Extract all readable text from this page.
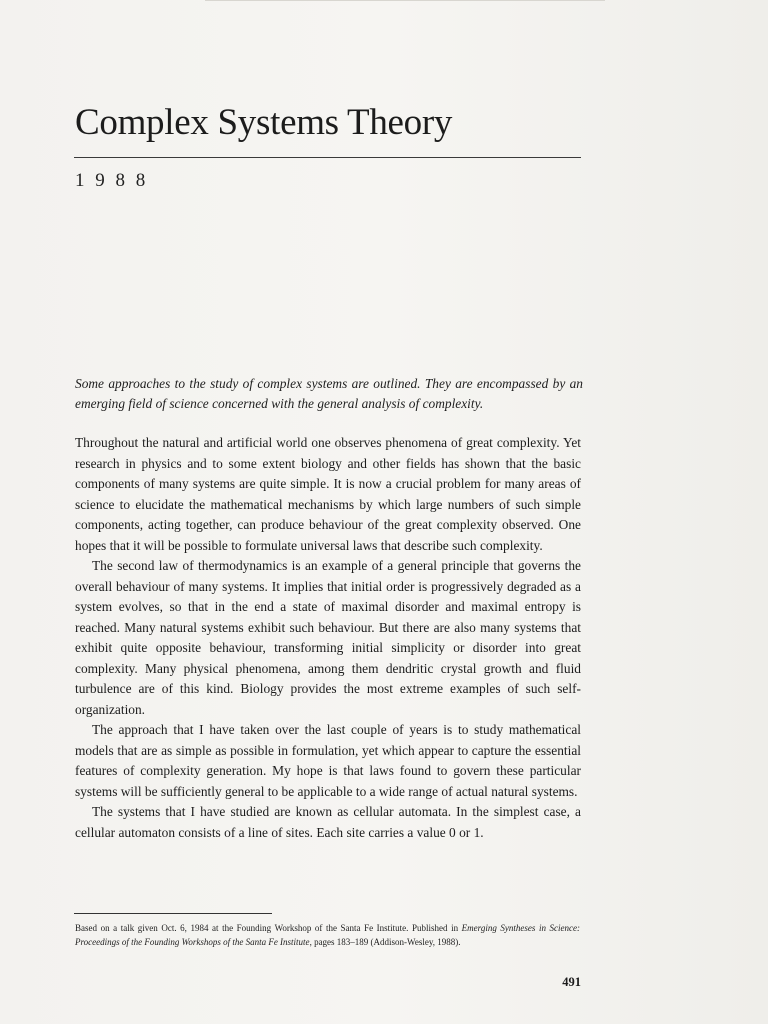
Complex Systems Theory
1 9 8 8

Some approaches to the study of complex systems are outlined. They are encompassed by an emerging field of science concerned with the general analysis of complexity.

Throughout the natural and artificial world one observes phenomena of great complexity. Yet research in physics and to some extent biology and other fields has shown that the basic components of many systems are quite simple. It is now a crucial problem for many areas of science to elucidate the mathematical mechanisms by which large numbers of such simple components, acting together, can produce behaviour of the great complexity observed. One hopes that it will be possible to formulate universal laws that describe such complexity.

The second law of thermodynamics is an example of a general principle that governs the overall behaviour of many systems. It implies that initial order is progressively degraded as a system evolves, so that in the end a state of maximal disorder and maximal entropy is reached. Many natural systems exhibit such behaviour. But there are also many systems that exhibit quite opposite behaviour, transforming initial simplicity or disorder into great complexity. Many physical phenomena, among them dendritic crystal growth and fluid turbulence are of this kind. Biology provides the most extreme examples of such self-organization.

The approach that I have taken over the last couple of years is to study mathematical models that are as simple as possible in formulation, yet which appear to capture the essential features of complexity generation. My hope is that laws found to govern these particular systems will be sufficiently general to be applicable to a wide range of actual natural systems.

The systems that I have studied are known as cellular automata. In the simplest case, a cellular automaton consists of a line of sites. Each site carries a value 0 or 1.

Based on a talk given Oct. 6, 1984 at the Founding Workshop of the Santa Fe Institute. Published in Emerging Syntheses in Science: Proceedings of the Founding Workshops of the Santa Fe Institute, pages 183–189 (Addison-Wesley, 1988).

491
